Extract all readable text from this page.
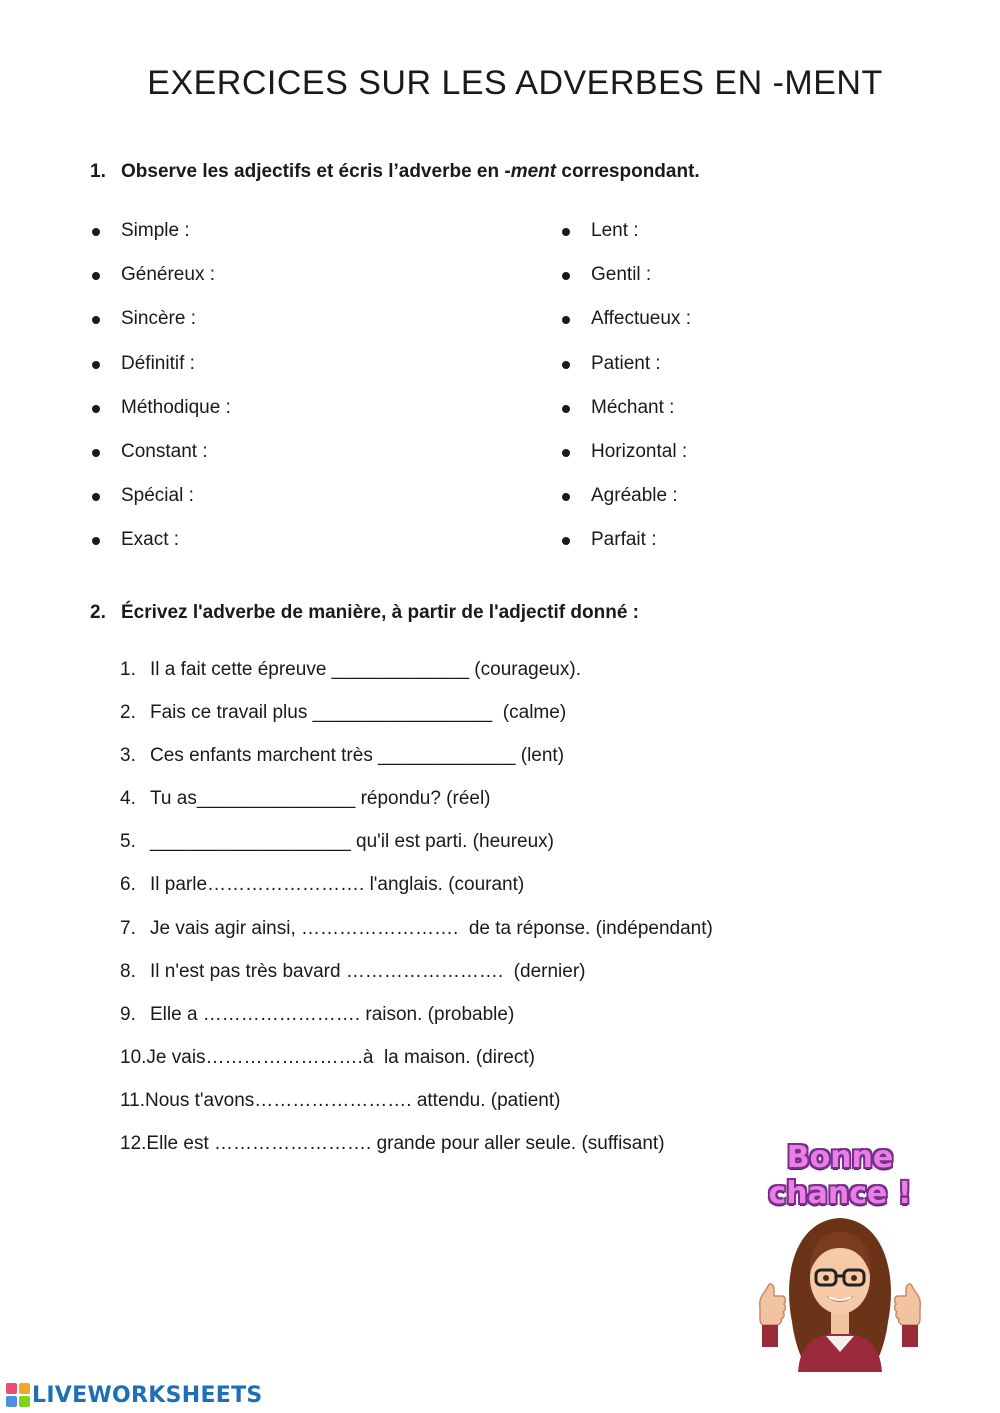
EXERCICES SUR LES ADVERBES EN -MENT
1. Observe les adjectifs et écris l’adverbe en -ment correspondant.
Simple :
Généreux :
Sincère :
Définitif :
Méthodique :
Constant :
Spécial :
Exact :
Lent :
Gentil :
Affectueux :
Patient :
Méchant :
Horizontal :
Agréable :
Parfait :
2. Écrivez l'adverbe de manière, à partir de l'adjectif donné :
1. Il a fait cette épreuve _____________ (courageux).
2. Fais ce travail plus _________________  (calme)
3. Ces enfants marchent très _____________ (lent)
4. Tu as_______________ répondu? (réel)
5. ___________________ qu'il est parti. (heureux)
6. Il parle……………………. l'anglais. (courant)
7. Je vais agir ainsi, …………………….  de ta réponse. (indépendant)
8. Il n'est pas très bavard …………………….  (dernier)
9. Elle a ……………………. raison. (probable)
10.Je vais…………………….à  la maison. (direct)
11.Nous t'avons……………………. attendu. (patient)
12.Elle est ……………………. grande pour aller seule. (suffisant)	Bonne
chance !
LIVEWORKSHEETS
